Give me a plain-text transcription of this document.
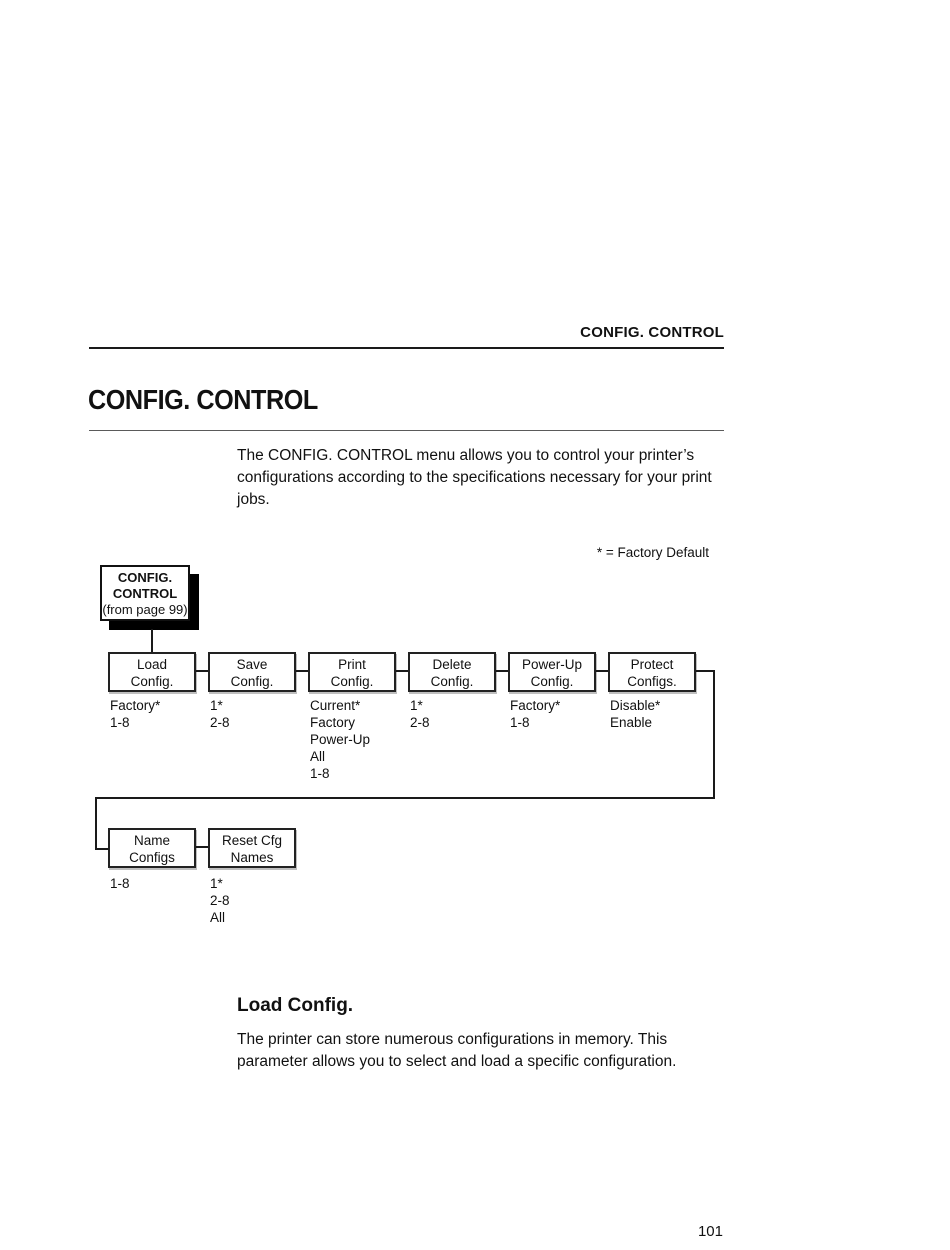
CONFIG. CONTROL
CONFIG. CONTROL

The CONFIG. CONTROL menu allows you to control your printer’s configurations according to the specifications necessary for your print jobs.

* = Factory Default
CONFIG.
CONTROL
(from page 99)
Load
Config.
Factory*
1-8
Save
Config.
1*
2-8
Print
Config.
Current*
Factory
Power-Up
All
1-8
Delete
Config.
1*
2-8
Power-Up
Config.
Factory*
1-8
Protect
Configs.
Disable*
Enable
Name
Configs
1-8
Reset Cfg
Names
1*
2-8
All
Load Config.

The printer can store numerous configurations in memory. This parameter allows you to select and load a specific configuration.

101
